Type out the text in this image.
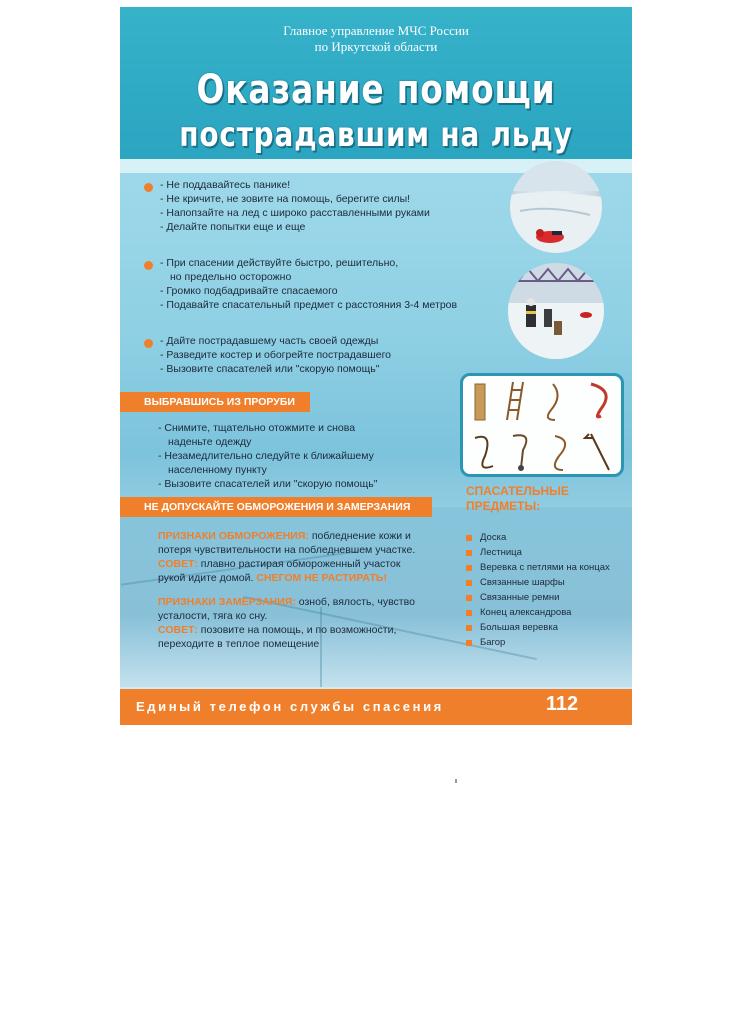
Главное управление МЧС России
по Иркутской области
Оказание помощи
пострадавшим на льду
- Не поддавайтесь панике!
- Не кричите, не зовите на помощь, берегите силы!
- Напопзайте на лед с широко расставленными руками
- Делайте попытки еще и еще
- При спасении действуйте быстро, решительно,
но предельно осторожно
- Громко подбадривайте спасаемого
- Подавайте спасательный предмет с расстояния 3-4 метров
- Дайте пострадавшему часть своей одежды
- Разведите костер и обогрейте пострадавшего
- Вызовите спасателей или "скорую помощь"
ВЫБРАВШИСЬ ИЗ ПРОРУБИ
- Снимите, тщательно отожмите и снова
наденьте одежду
- Незамедлительно следуйте к ближайшему
населенному пункту
- Вызовите спасателей или "скорую помощь"
НЕ ДОПУСКАЙТЕ ОБМОРОЖЕНИЯ И ЗАМЕРЗАНИЯ
ПРИЗНАКИ ОБМОРОЖЕНИЯ: побледнение кожи и
потеря чувствительности на побледневшем участке.
СОВЕТ: плавно растирая обмороженный участок
рукой идите домой. СНЕГОМ НЕ РАСТИРАТЬ!
ПРИЗНАКИ ЗАМЕРЗАНИЯ: озноб, вялость, чувство
усталости, тяга ко сну.
СОВЕТ: позовите на помощь, и по возможности,
переходите в теплое помещение
СПАСАТЕЛЬНЫЕ
ПРЕДМЕТЫ:
Доска
Лестница
Веревка с петлями на концах
Связанные шарфы
Связанные ремни
Конец александрова
Большая веревка
Багор
Единый телефон службы спасения	112
